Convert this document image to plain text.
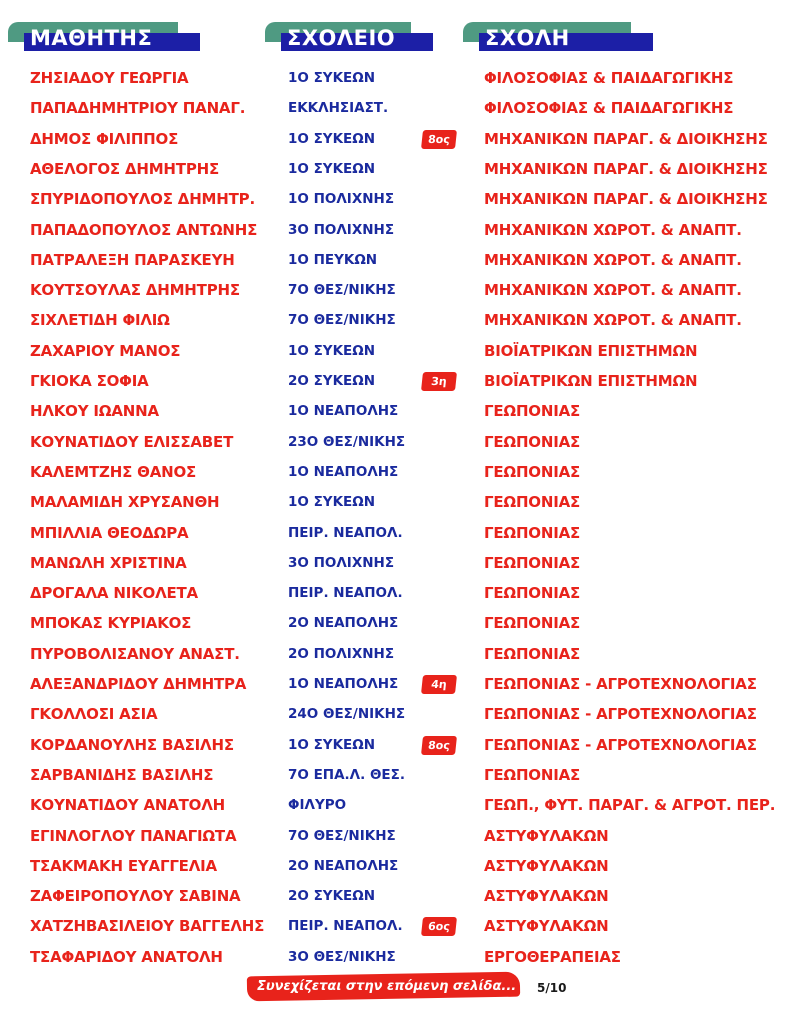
ΜΑΘΗΤΗΣ	ΣΧΟΛΕΙΟ	ΣΧΟΛΗ
ΖΗΣΙΑΔΟΥ ΓΕΩΡΓΙΑ	1Ο ΣΥΚΕΩΝ	ΦΙΛΟΣΟΦΙΑΣ & ΠΑΙΔΑΓΩΓΙΚΗΣ
ΠΑΠΑΔΗΜΗΤΡΙΟΥ ΠΑΝΑΓ.	ΕΚΚΛΗΣΙΑΣΤ.	ΦΙΛΟΣΟΦΙΑΣ & ΠΑΙΔΑΓΩΓΙΚΗΣ
ΔΗΜΟΣ ΦΙΛΙΠΠΟΣ	1Ο ΣΥΚΕΩΝ	ΜΗΧΑΝΙΚΩΝ ΠΑΡΑΓ. & ΔΙΟΙΚΗΣΗΣ
8ος
ΑΘΕΛΟΓΟΣ ΔΗΜΗΤΡΗΣ	1Ο ΣΥΚΕΩΝ	ΜΗΧΑΝΙΚΩΝ ΠΑΡΑΓ. & ΔΙΟΙΚΗΣΗΣ
ΣΠΥΡΙΔΟΠΟΥΛΟΣ ΔΗΜΗΤΡ. 1Ο ΠΟΛΙΧΝΗΣ	ΜΗΧΑΝΙΚΩΝ ΠΑΡΑΓ. & ΔΙΟΙΚΗΣΗΣ
ΠΑΠΑΔΟΠΟΥΛΟΣ ΑΝΤΩΝΗΣ 3Ο ΠΟΛΙΧΝΗΣ	ΜΗΧΑΝΙΚΩΝ ΧΩΡΟΤ. & ΑΝΑΠΤ.
ΠΑΤΡΑΛΕΞΗ ΠΑΡΑΣΚΕΥΗ	1Ο ΠΕΥΚΩΝ	ΜΗΧΑΝΙΚΩΝ ΧΩΡΟΤ. & ΑΝΑΠΤ.
ΚΟΥΤΣΟΥΛΑΣ ΔΗΜΗΤΡΗΣ	7Ο ΘΕΣ/ΝΙΚΗΣ	ΜΗΧΑΝΙΚΩΝ ΧΩΡΟΤ. & ΑΝΑΠΤ.
ΣΙΧΛΕΤΙΔΗ ΦΙΛΙΩ	7Ο ΘΕΣ/ΝΙΚΗΣ	ΜΗΧΑΝΙΚΩΝ ΧΩΡΟΤ. & ΑΝΑΠΤ.
ΖΑΧΑΡΙΟΥ ΜΑΝΟΣ	1Ο ΣΥΚΕΩΝ	ΒΙΟΪΑΤΡΙΚΩΝ ΕΠΙΣΤΗΜΩΝ
ΓΚΙΟΚΑ ΣΟΦΙΑ	2Ο ΣΥΚΕΩΝ	ΒΙΟΪΑΤΡΙΚΩΝ ΕΠΙΣΤΗΜΩΝ
3η
ΗΛΚΟΥ ΙΩΑΝΝΑ	1Ο ΝΕΑΠΟΛΗΣ	ΓΕΩΠΟΝΙΑΣ
ΚΟΥΝΑΤΙΔΟΥ ΕΛΙΣΣΑΒΕΤ	23Ο ΘΕΣ/ΝΙΚΗΣ	ΓΕΩΠΟΝΙΑΣ
ΚΑΛΕΜΤΖΗΣ ΘΑΝΟΣ	1Ο ΝΕΑΠΟΛΗΣ	ΓΕΩΠΟΝΙΑΣ
ΜΑΛΑΜΙΔΗ ΧΡΥΣΑΝΘΗ	1Ο ΣΥΚΕΩΝ	ΓΕΩΠΟΝΙΑΣ
ΜΠΙΛΛΙΑ ΘΕΟΔΩΡΑ	ΠΕΙΡ. ΝΕΑΠΟΛ.	ΓΕΩΠΟΝΙΑΣ
ΜΑΝΩΛΗ ΧΡΙΣΤΙΝΑ	3Ο ΠΟΛΙΧΝΗΣ	ΓΕΩΠΟΝΙΑΣ
ΔΡΟΓΑΛΑ ΝΙΚΟΛΕΤΑ	ΠΕΙΡ. ΝΕΑΠΟΛ.	ΓΕΩΠΟΝΙΑΣ
ΜΠΟΚΑΣ ΚΥΡΙΑΚΟΣ	2Ο ΝΕΑΠΟΛΗΣ	ΓΕΩΠΟΝΙΑΣ
ΠΥΡΟΒΟΛΙΣΑΝΟΥ ΑΝΑΣΤ.	2Ο ΠΟΛΙΧΝΗΣ	ΓΕΩΠΟΝΙΑΣ
ΑΛΕΞΑΝΔΡΙΔΟΥ ΔΗΜΗΤΡΑ	1Ο ΝΕΑΠΟΛΗΣ	ΓΕΩΠΟΝΙΑΣ - ΑΓΡΟΤΕΧΝΟΛΟΓΙΑΣ
4η
ΓΚΟΛΛΟΣΙ ΑΣΙΑ	24Ο ΘΕΣ/ΝΙΚΗΣ	ΓΕΩΠΟΝΙΑΣ - ΑΓΡΟΤΕΧΝΟΛΟΓΙΑΣ
ΚΟΡΔΑΝΟΥΛΗΣ ΒΑΣΙΛΗΣ	1Ο ΣΥΚΕΩΝ	ΓΕΩΠΟΝΙΑΣ - ΑΓΡΟΤΕΧΝΟΛΟΓΙΑΣ
8ος
ΣΑΡΒΑΝΙΔΗΣ ΒΑΣΙΛΗΣ	7Ο ΕΠΑ.Λ. ΘΕΣ.	ΓΕΩΠΟΝΙΑΣ
ΚΟΥΝΑΤΙΔΟΥ ΑΝΑΤΟΛΗ	ΦΙΛΥΡΟ	ΓΕΩΠ., ΦΥΤ. ΠΑΡΑΓ. & ΑΓΡΟΤ. ΠΕΡ.
ΕΓΙΝΛΟΓΛΟΥ ΠΑΝΑΓΙΩΤΑ	7Ο ΘΕΣ/ΝΙΚΗΣ	ΑΣΤΥΦΥΛΑΚΩΝ
ΤΣΑΚΜΑΚΗ ΕΥΑΓΓΕΛΙΑ	2Ο ΝΕΑΠΟΛΗΣ	ΑΣΤΥΦΥΛΑΚΩΝ
ΖΑΦΕΙΡΟΠΟΥΛΟΥ ΣΑΒΙΝΑ	2Ο ΣΥΚΕΩΝ	ΑΣΤΥΦΥΛΑΚΩΝ
ΧΑΤΖΗΒΑΣΙΛΕΙΟΥ ΒΑΓΓΕΛΗΣ ΠΕΙΡ. ΝΕΑΠΟΛ.	ΑΣΤΥΦΥΛΑΚΩΝ
6ος
ΤΣΑΦΑΡΙΔΟΥ ΑΝΑΤΟΛΗ	3Ο ΘΕΣ/ΝΙΚΗΣ	ΕΡΓΟΘΕΡΑΠΕΙΑΣ
Συνεχίζεται στην επόμενη σελίδα... 5/10
